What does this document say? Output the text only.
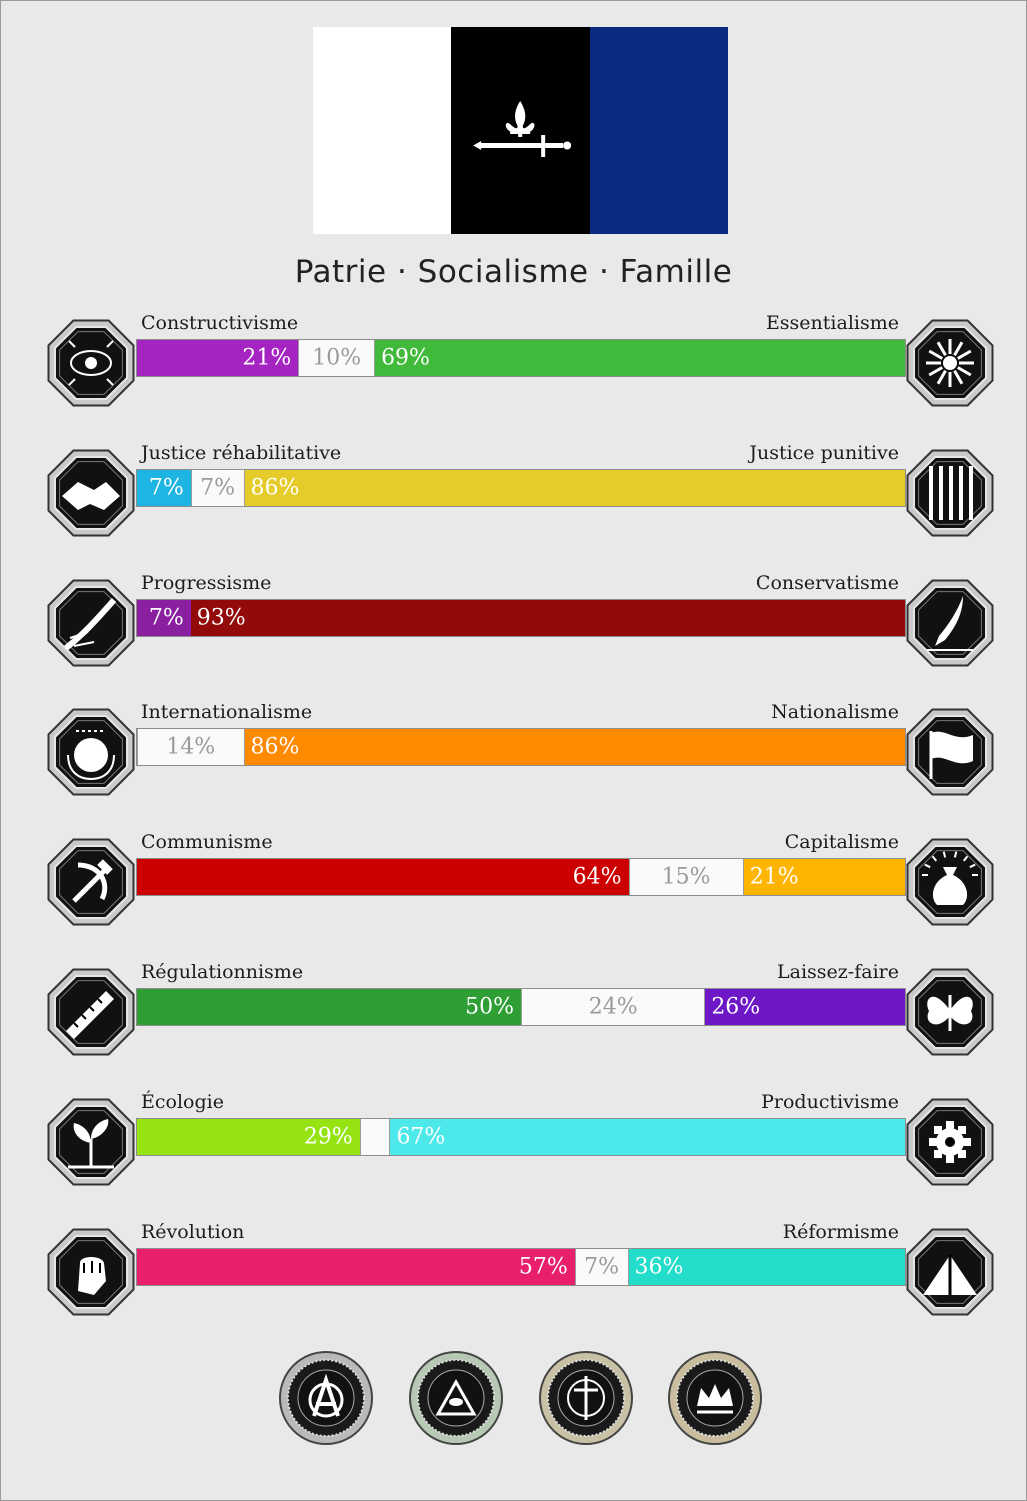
Patrie · Socialisme · Famille
Constructivisme	Essentialisme
21% 10% 69%
Justice réhabilitative	Justice punitive
7% 7% 86%
Progressisme	Conservatisme
7% 93%
Internationalisme	Nationalisme
14%	86%
Communisme	Capitalisme
64%	15%	21%
Régulationnisme	Laissez-faire
50%	24%	26%
Écologie	Productivisme
29% 67%
Révolution	Réformisme
57% 7% 36%
